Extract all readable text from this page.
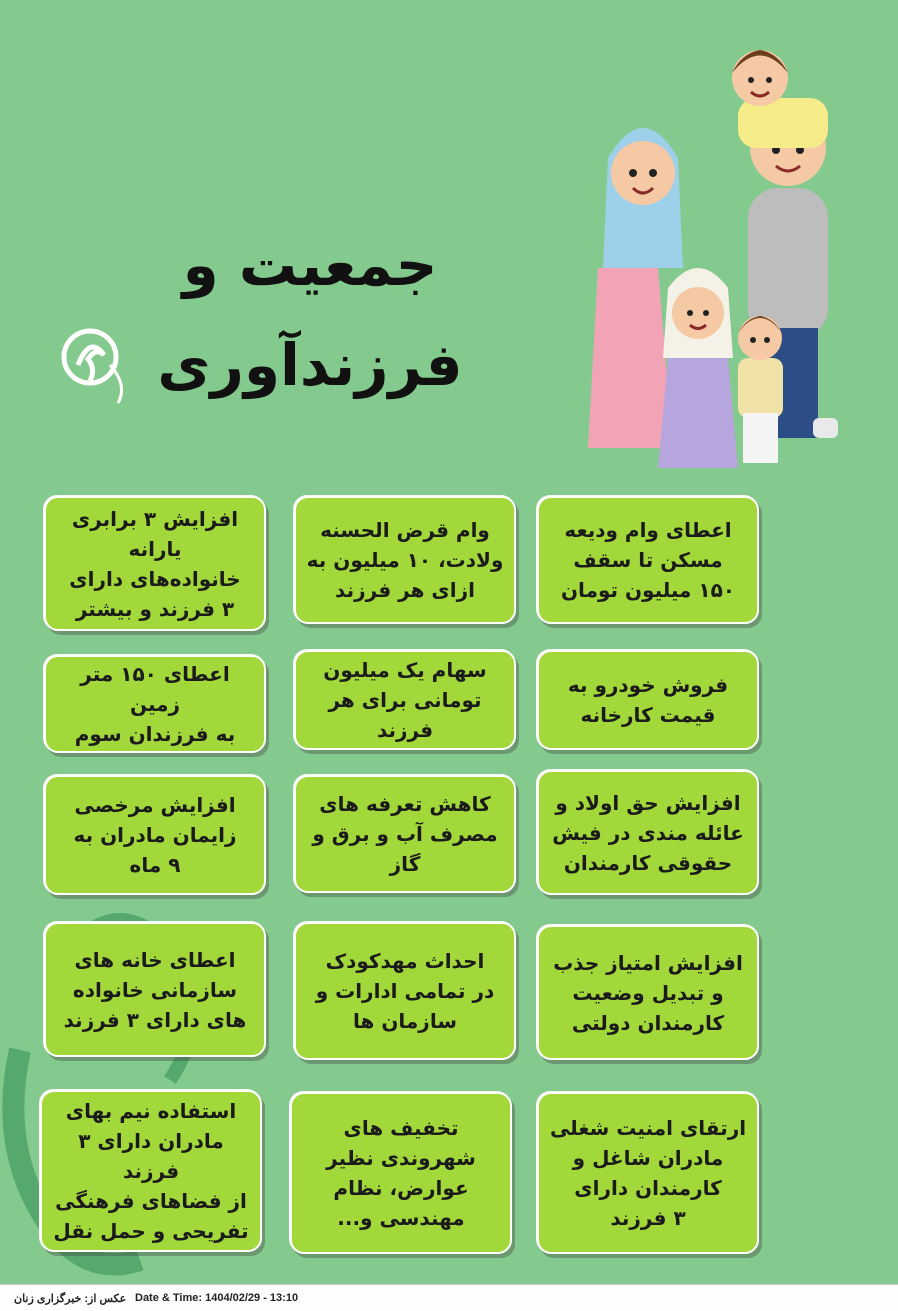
جمعیت و فرزندآوری
اعطای وام ودیعه
مسکن تا سقف
۱۵۰ میلیون تومان
وام قرض الحسنه
ولادت، ۱۰ میلیون به
ازای هر فرزند
افزایش ۳ برابری یارانه
خانواده‌های دارای
۳ فرزند و بیشتر
فروش خودرو به
قیمت کارخانه
سهام یک میلیون
تومانی برای هر فرزند
اعطای ۱۵۰ متر زمین
به فرزندان سوم
افزایش حق اولاد و
عائله مندی در فیش
حقوقی کارمندان
کاهش تعرفه های
مصرف آب و برق و گاز
افزایش مرخصی
زایمان مادران به
۹ ماه
افزایش امتیاز جذب
و تبدیل وضعیت
کارمندان دولتی
احداث مهدکودک
در تمامی ادارات و
سازمان ها
اعطای خانه های
سازمانی خانواده
های دارای ۳ فرزند
ارتقای امنیت شغلی
مادران شاغل و
کارمندان دارای
۳ فرزند
تخفیف های
شهروندی نظیر
عوارض، نظام
مهندسی و...
استفاده نیم بهای
مادران دارای ۳ فرزند
از فضاهای فرهنگی
تفریحی و حمل نقل
عکس از: خبرگزاری زنان Date & Time: 1404/02/29 - 13:10
